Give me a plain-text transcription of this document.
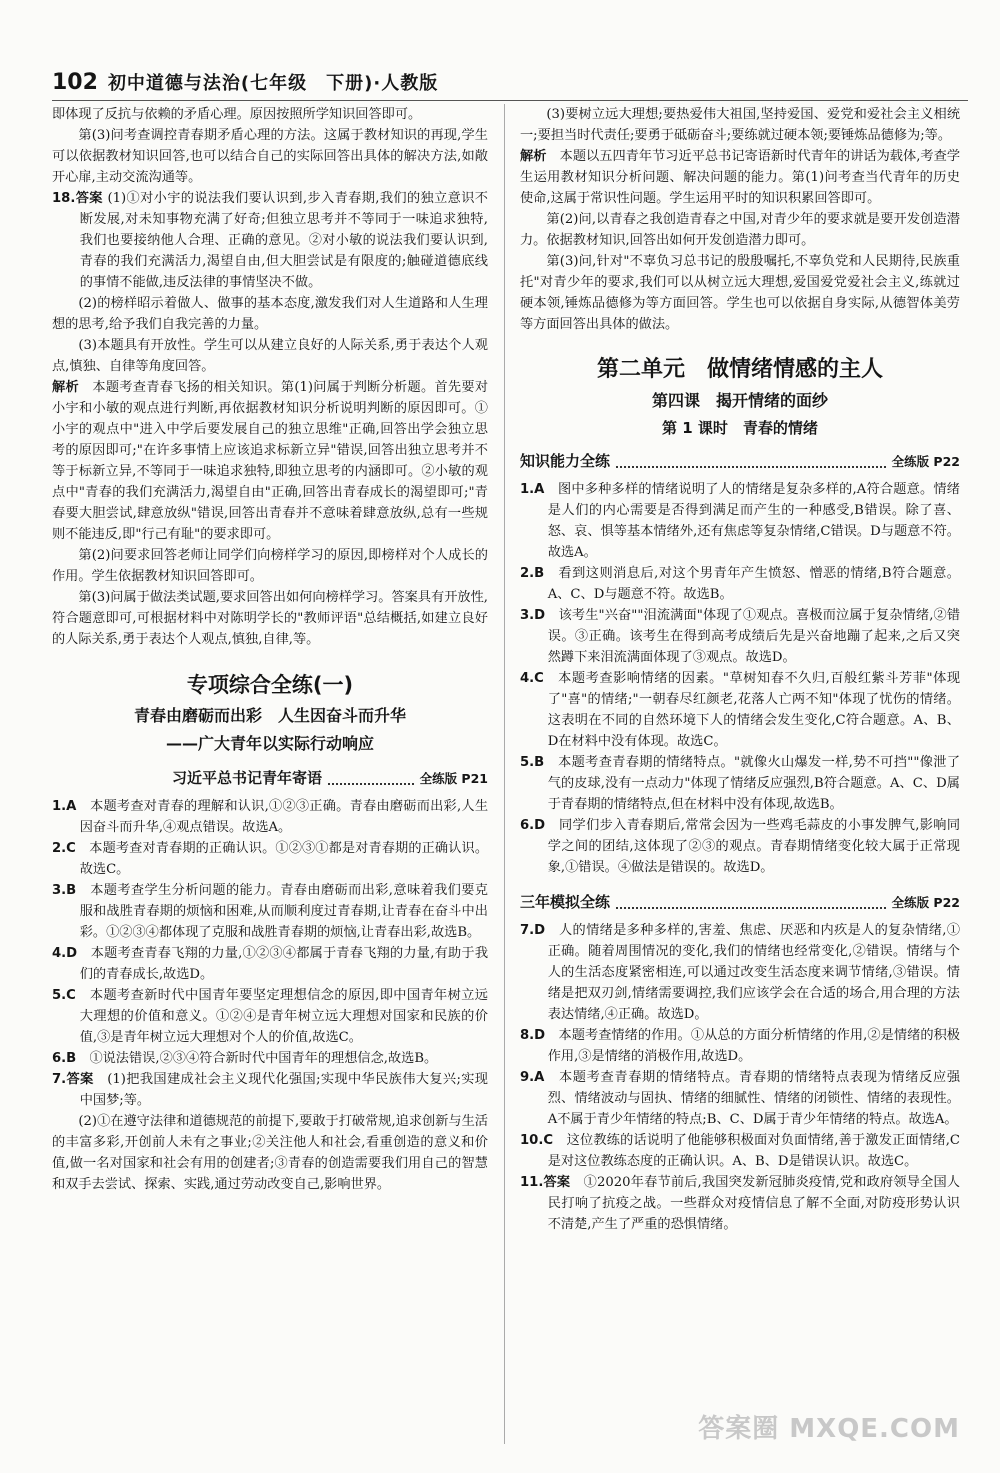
102 初中道德与法治(七年级　下册)·人教版

即体现了反抗与依赖的矛盾心理。原因按照所学知识回答即可。

第(3)问考查调控青春期矛盾心理的方法。这属于教材知识的再现,学生可以依据教材知识回答,也可以结合自己的实际回答出具体的解决方法,如敞开心扉,主动交流沟通等。

18.答案 (1)①对小宇的说法我们要认识到,步入青春期,我们的独立意识不断发展,对未知事物充满了好奇;但独立思考并不等同于一味追求独特,我们也要接纳他人合理、正确的意见。②对小敏的说法我们要认识到,青春的我们充满活力,渴望自由,但大胆尝试是有限度的;触碰道德底线的事情不能做,违反法律的事情坚决不做。

(2)的榜样昭示着做人、做事的基本态度,激发我们对人生道路和人生理想的思考,给予我们自我完善的力量。

(3)本题具有开放性。学生可以从建立良好的人际关系,勇于表达个人观点,慎独、自律等角度回答。

解析　 本题考查青春飞扬的相关知识。第(1)问属于判断分析题。首先要对小宇和小敏的观点进行判断,再依据教材知识分析说明判断的原因即可。①小宇的观点中"进入中学后要发展自己的独立思维"正确,回答出学会独立思考的原因即可;"在许多事情上应该追求标新立异"错误,回答出独立思考并不等于标新立异,不等同于一味追求独特,即独立思考的内涵即可。②小敏的观点中"青春的我们充满活力,渴望自由"正确,回答出青春成长的渴望即可;"青春要大胆尝试,肆意放纵"错误,回答出青春并不意味着肆意放纵,总有一些规则不能违反,即"行己有耻"的要求即可。

第(2)问要求回答老师让同学们向榜样学习的原因,即榜样对个人成长的作用。学生依据教材知识回答即可。

第(3)问属于做法类试题,要求回答出如何向榜样学习。答案具有开放性,符合题意即可,可根据材料中对陈明学长的"教师评语"总结概括,如建立良好的人际关系,勇于表达个人观点,慎独,自律,等。

专项综合全练(一)

青春由磨砺而出彩　人生因奋斗而升华

——广大青年以实际行动响应

习近平总书记青年寄语	全练版 P21

1.A　 本题考查对青春的理解和认识,①②③正确。青春由磨砺而出彩,人生因奋斗而升华,④观点错误。故选A。

2.C　 本题考查对青春期的正确认识。①②③①都是对青春期的正确认识。故选C。

3.B　 本题考查学生分析问题的能力。青春由磨砺而出彩,意味着我们要克服和战胜青春期的烦恼和困难,从而顺利度过青春期,让青春在奋斗中出彩。①②③④都体现了克服和战胜青春期的烦恼,让青春出彩,故选B。

4.D　 本题考查青春飞翔的力量,①②③④都属于青春飞翔的力量,有助于我们的青春成长,故选D。

5.C　 本题考查新时代中国青年要坚定理想信念的原因,即中国青年树立远大理想的价值和意义。①②④是青年树立远大理想对国家和民族的价值,③是青年树立远大理想对个人的价值,故选C。

6.B　 ①说法错误,②③④符合新时代中国青年的理想信念,故选B。

7.答案　 (1)把我国建成社会主义现代化强国;实现中华民族伟大复兴;实现中国梦;等。

(2)①在遵守法律和道德规范的前提下,要敢于打破常规,追求创新与生活的丰富多彩,开创前人未有之事业;②关注他人和社会,看重创造的意义和价值,做一名对国家和社会有用的创建者;③青春的创造需要我们用自己的智慧和双手去尝试、探索、实践,通过劳动改变自己,影响世界。

(3)要树立远大理想;要热爱伟大祖国,坚持爱国、爱党和爱社会主义相统一;要担当时代责任;要勇于砥砺奋斗;要练就过硬本领;要锤炼品德修为;等。

解析　 本题以五四青年节习近平总书记寄语新时代青年的讲话为载体,考查学生运用教材知识分析问题、解决问题的能力。第(1)问考查当代青年的历史使命,这属于常识性问题。学生运用平时的知识积累回答即可。

第(2)问,以青春之我创造青春之中国,对青少年的要求就是要开发创造潜力。依据教材知识,回答出如何开发创造潜力即可。

第(3)问,针对"不辜负习总书记的殷殷嘱托,不辜负党和人民期待,民族重托"对青少年的要求,我们可以从树立远大理想,爱国爱党爱社会主义,练就过硬本领,锤炼品德修为等方面回答。学生也可以依据自身实际,从德智体美劳等方面回答出具体的做法。

第二单元　做情绪情感的主人

第四课　揭开情绪的面纱

第 1 课时　青春的情绪

知识能力全练	全练版 P22

1.A　 图中多种多样的情绪说明了人的情绪是复杂多样的,A符合题意。情绪是人们的内心需要是否得到满足而产生的一种感受,B错误。除了喜、怒、哀、惧等基本情绪外,还有焦虑等复杂情绪,C错误。D与题意不符。故选A。

2.B　 看到这则消息后,对这个男青年产生愤怒、憎恶的情绪,B符合题意。A、C、D与题意不符。故选B。

3.D　 该考生"兴奋""泪流满面"体现了①观点。喜极而泣属于复杂情绪,②错误。③正确。该考生在得到高考成绩后先是兴奋地蹦了起来,之后又突然蹲下来泪流满面体现了③观点。故选D。

4.C　 本题考查影响情绪的因素。"草树知春不久归,百般红紫斗芳菲"体现了"喜"的情绪;"一朝春尽红颜老,花落人亡两不知"体现了忧伤的情绪。这表明在不同的自然环境下人的情绪会发生变化,C符合题意。A、B、D在材料中没有体现。故选C。

5.B　 本题考查青春期的情绪特点。"就像火山爆发一样,势不可挡""像泄了气的皮球,没有一点动力"体现了情绪反应强烈,B符合题意。A、C、D属于青春期的情绪特点,但在材料中没有体现,故选B。

6.D　 同学们步入青春期后,常常会因为一些鸡毛蒜皮的小事发脾气,影响同学之间的团结,这体现了②③的观点。青春期情绪变化较大属于正常现象,①错误。④做法是错误的。故选D。

三年模拟全练	全练版 P22

7.D　 人的情绪是多种多样的,害羞、焦虑、厌恶和内疚是人的复杂情绪,①正确。随着周围情况的变化,我们的情绪也经常变化,②错误。情绪与个人的生活态度紧密相连,可以通过改变生活态度来调节情绪,③错误。情绪是把双刃剑,情绪需要调控,我们应该学会在合适的场合,用合理的方法表达情绪,④正确。故选D。

8.D　 本题考查情绪的作用。①从总的方面分析情绪的作用,②是情绪的积极作用,③是情绪的消极作用,故选D。

9.A　 本题考查青春期的情绪特点。青春期的情绪特点表现为情绪反应强烈、情绪波动与固执、情绪的细腻性、情绪的闭锁性、情绪的表现性。A不属于青少年情绪的特点;B、C、D属于青少年情绪的特点。故选A。

10.C　 这位教练的话说明了他能够积极面对负面情绪,善于激发正面情绪,C是对这位教练态度的正确认识。A、B、D是错误认识。故选C。

11.答案　 ①2020年春节前后,我国突发新冠肺炎疫情,党和政府领导全国人民打响了抗疫之战。一些群众对疫情信息了解不全面,对防疫形势认识不清楚,产生了严重的恐惧情绪。

答案圈 MXQE.COM
